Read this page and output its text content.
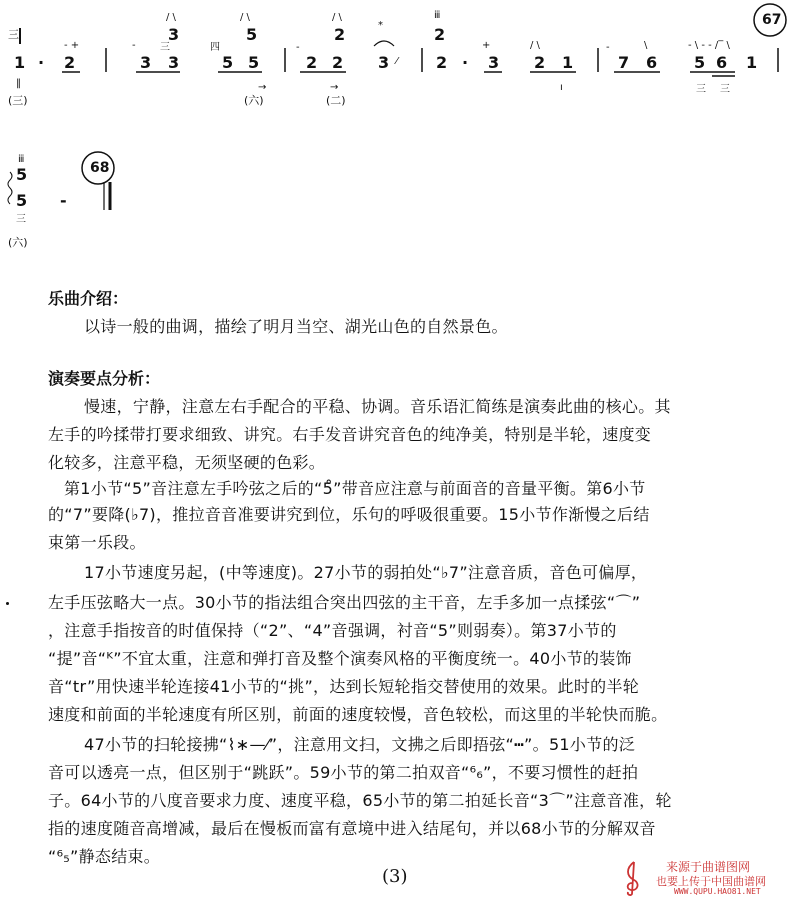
三
1
‖
· 2
- +
/ \
3
- 三
3 3
/ \
5
四
5 5
→
/ \
2
-
2 2
→
*
3 ⁄
ⅲ
2
2 ·
+
3
/ \
2 1
ı
-	\
7 6
- \ ‐ - /‾ \
5 6 1
三 三
ⅲ
5
5
三
-
67
68
(三)	(六)	(二)
(六)
乐曲介绍：
以诗一般的曲调，描绘了明月当空、湖光山色的自然景色。
演奏要点分析：
慢速，宁静，注意左右手配合的平稳、协调。音乐语汇简练是演奏此曲的核心。其
左手的吟揉带打要求细致、讲究。右手发音讲究音色的纯净美，特别是半轮，速度变
化较多，注意平稳，无须坚硬的色彩。
第1小节“5”音注意左手吟弦之后的“5̊”带音应注意与前面音的音量平衡。第6小节
的“7”要降(♭7)，推拉音音准要讲究到位，乐句的呼吸很重要。15小节作渐慢之后结
束第一乐段。
17小节速度另起，(中等速度)。27小节的弱拍处“♭7”注意音质，音色可偏厚，
左手压弦略大一点。30小节的指法组合突出四弦的主干音，左手多加一点揉弦“⌒”
，注意手指按音的时值保持（“2”、“4”音强调，衬音“5”则弱奏）。第37小节的
“提”音“ᴷ”不宜太重，注意和弹打音及整个演奏风格的平衡度统一。40小节的装饰
音“tr”用快速半轮连接41小节的“挑”，达到长短轮指交替使用的效果。此时的半轮
速度和前面的半轮速度有所区别，前面的速度较慢，音色较松，而这里的半轮快而脆。
47小节的扫轮接拂“⌇∗—⁄”，注意用文扫，文拂之后即捂弦“┅”。51小节的泛
音可以透亮一点，但区别于“跳跃”。59小节的第二拍双音“⁶₆”，不要习惯性的赶拍
子。64小节的八度音要求力度、速度平稳，65小节的第二拍延长音“3⌒”注意音准，轮
指的速度随音高增减，最后在慢板而富有意境中进入结尾句，并以68小节的分解双音
“⁶₅”静态结束。
(3)	来源于曲谱图网
也要上传于中国曲谱网
WWW.QUPU.HAO81.NET
